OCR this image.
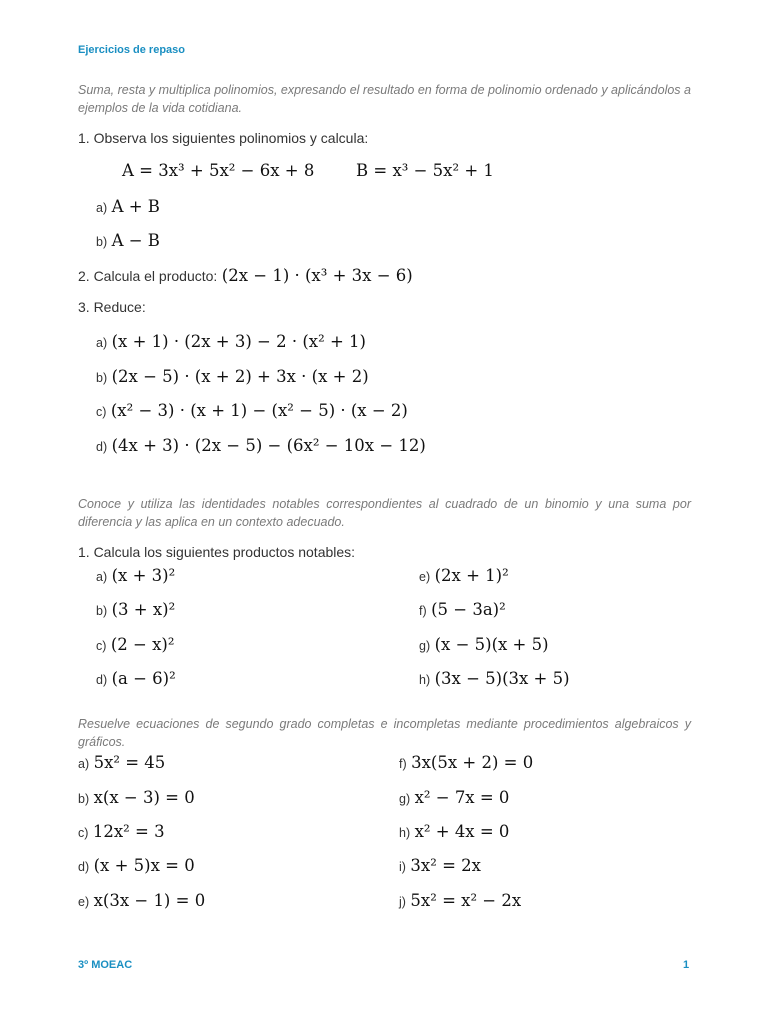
Ejercicios de repaso
Suma, resta y multiplica polinomios, expresando el resultado en forma de polinomio ordenado y aplicándolos a ejemplos de la vida cotidiana.
1. Observa los siguientes polinomios y calcula:
A = 3x³ + 5x² − 6x + 8	B = x³ − 5x² + 1
a) A + B
b) A − B
2. Calcula el producto: (2x − 1) · (x³ + 3x − 6)
3. Reduce:
a) (x + 1) · (2x + 3) − 2 · (x² + 1)
b) (2x − 5) · (x + 2) + 3x · (x + 2)
c) (x² − 3) · (x + 1) − (x² − 5) · (x − 2)
d) (4x + 3) · (2x − 5) − (6x² − 10x − 12)
Conoce y utiliza las identidades notables correspondientes al cuadrado de un binomio y una suma por diferencia y las aplica en un contexto adecuado.
1. Calcula los siguientes productos notables:
a) (x + 3)²
b) (3 + x)²
c) (2 − x)²
d) (a − 6)²
e) (2x + 1)²
f) (5 − 3a)²
g) (x − 5)(x + 5)
h) (3x − 5)(3x + 5)
Resuelve ecuaciones de segundo grado completas e incompletas mediante procedimientos algebraicos y gráficos.
a) 5x² = 45
b) x(x − 3) = 0
c) 12x² = 3
d) (x + 5)x = 0
e) x(3x − 1) = 0
f) 3x(5x + 2) = 0
g) x² − 7x = 0
h) x² + 4x = 0
i) 3x² = 2x
j) 5x² = x² − 2x
3º MOEAC	1
